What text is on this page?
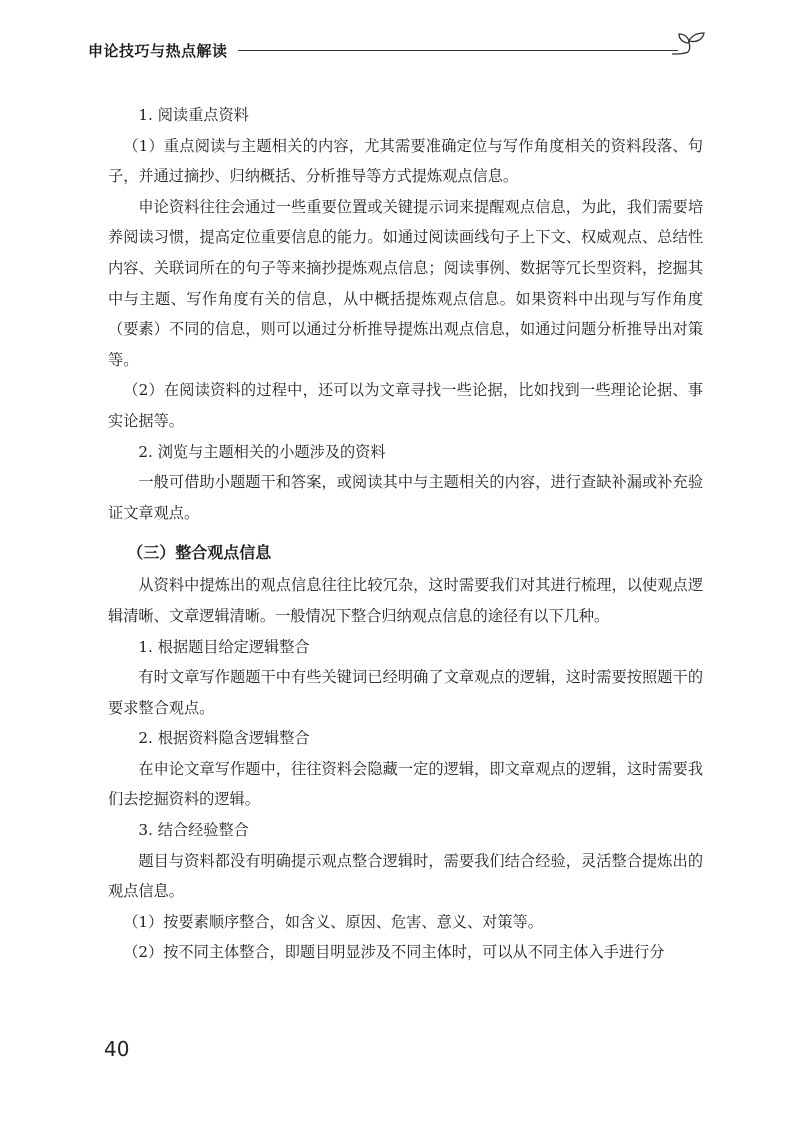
申论技巧与热点解读

1. 阅读重点资料

（1）重点阅读与主题相关的内容，尤其需要准确定位与写作角度相关的资料段落、句子，并通过摘抄、归纳概括、分析推导等方式提炼观点信息。

申论资料往往会通过一些重要位置或关键提示词来提醒观点信息，为此，我们需要培养阅读习惯，提高定位重要信息的能力。如通过阅读画线句子上下文、权威观点、总结性内容、关联词所在的句子等来摘抄提炼观点信息；阅读事例、数据等冗长型资料，挖掘其中与主题、写作角度有关的信息，从中概括提炼观点信息。如果资料中出现与写作角度（要素）不同的信息，则可以通过分析推导提炼出观点信息，如通过问题分析推导出对策等。

（2）在阅读资料的过程中，还可以为文章寻找一些论据，比如找到一些理论论据、事实论据等。

2. 浏览与主题相关的小题涉及的资料

一般可借助小题题干和答案，或阅读其中与主题相关的内容，进行查缺补漏或补充验证文章观点。

（三）整合观点信息

从资料中提炼出的观点信息往往比较冗杂，这时需要我们对其进行梳理，以使观点逻辑清晰、文章逻辑清晰。一般情况下整合归纳观点信息的途径有以下几种。

1. 根据题目给定逻辑整合

有时文章写作题题干中有些关键词已经明确了文章观点的逻辑，这时需要按照题干的要求整合观点。

2. 根据资料隐含逻辑整合

在申论文章写作题中，往往资料会隐藏一定的逻辑，即文章观点的逻辑，这时需要我们去挖掘资料的逻辑。

3. 结合经验整合

题目与资料都没有明确提示观点整合逻辑时，需要我们结合经验，灵活整合提炼出的观点信息。

（1）按要素顺序整合，如含义、原因、危害、意义、对策等。

（2）按不同主体整合，即题目明显涉及不同主体时，可以从不同主体入手进行分

40
